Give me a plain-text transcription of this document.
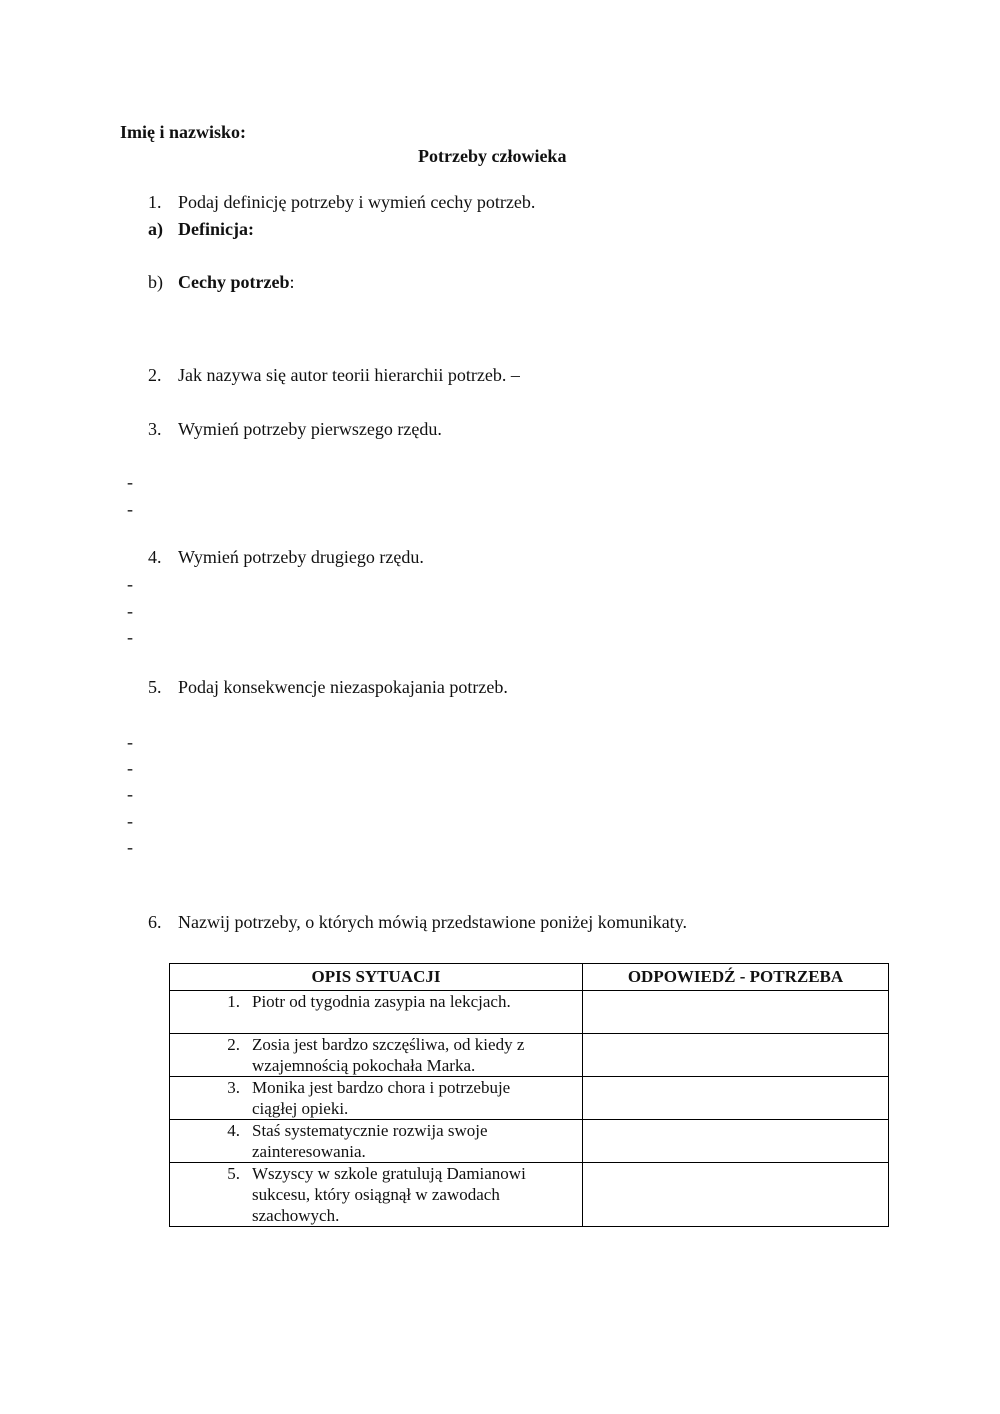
Imię i nazwisko:
Potrzeby człowieka
1. Podaj definicję potrzeby i wymień cechy potrzeb.
a) Definicja:
b) Cechy potrzeb:
2. Jak nazywa się autor teorii hierarchii potrzeb. –
3. Wymień potrzeby pierwszego rzędu.
-
-
4. Wymień potrzeby drugiego rzędu.
-
-
-
5. Podaj konsekwencje niezaspokajania potrzeb.
-
-
-
-
-
6. Nazwij potrzeby, o których mówią przedstawione poniżej komunikaty.
OPIS SYTUACJI	ODPOWIEDŹ - POTRZEBA

1. Piotr od tygodnia zasypia na lekcjach.	

2. Zosia jest bardzo szczęśliwa, od kiedy z
wzajemnością pokochała Marka.	

3. Monika jest bardzo chora i potrzebuje
ciągłej opieki.	

4. Staś systematycznie rozwija swoje
zainteresowania.	

5. Wszyscy w szkole gratulują Damianowi
sukcesu, który osiągnął w zawodach
szachowych.	
